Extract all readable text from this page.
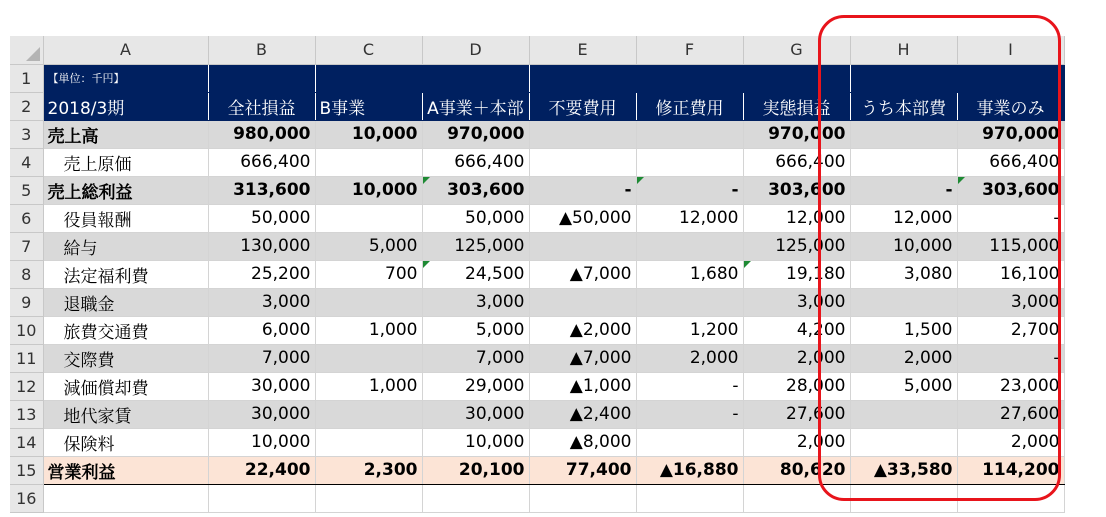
	A	B	C	D	E	F	G	H	I
1	【単位：千円】								
2	2018/3期	全社損益	B事業	A事業＋本部	不要費用	修正費用	実態損益	うち本部費	事業のみ
3	売上高	980,000	10,000	970,000			970,000		970,000
4	売上原価	666,400		666,400			666,400		666,400
5	売上総利益	313,600	10,000	303,600	-	-	303,600	-	303,600
6	役員報酬	50,000		50,000	▲50,000	12,000	12,000	12,000	-
7	給与	130,000	5,000	125,000			125,000	10,000	115,000
8	法定福利費	25,200	700	24,500	▲7,000	1,680	19,180	3,080	16,100
9	退職金	3,000		3,000			3,000		3,000
10	旅費交通費	6,000	1,000	5,000	▲2,000	1,200	4,200	1,500	2,700
11	交際費	7,000		7,000	▲7,000	2,000	2,000	2,000	-
12	減価償却費	30,000	1,000	29,000	▲1,000	-	28,000	5,000	23,000
13	地代家賃	30,000		30,000	▲2,400	-	27,600		27,600
14	保険料	10,000		10,000	▲8,000		2,000		2,000
15	営業利益	22,400	2,300	20,100	77,400	▲16,880	80,620	▲33,580	114,200
16									
